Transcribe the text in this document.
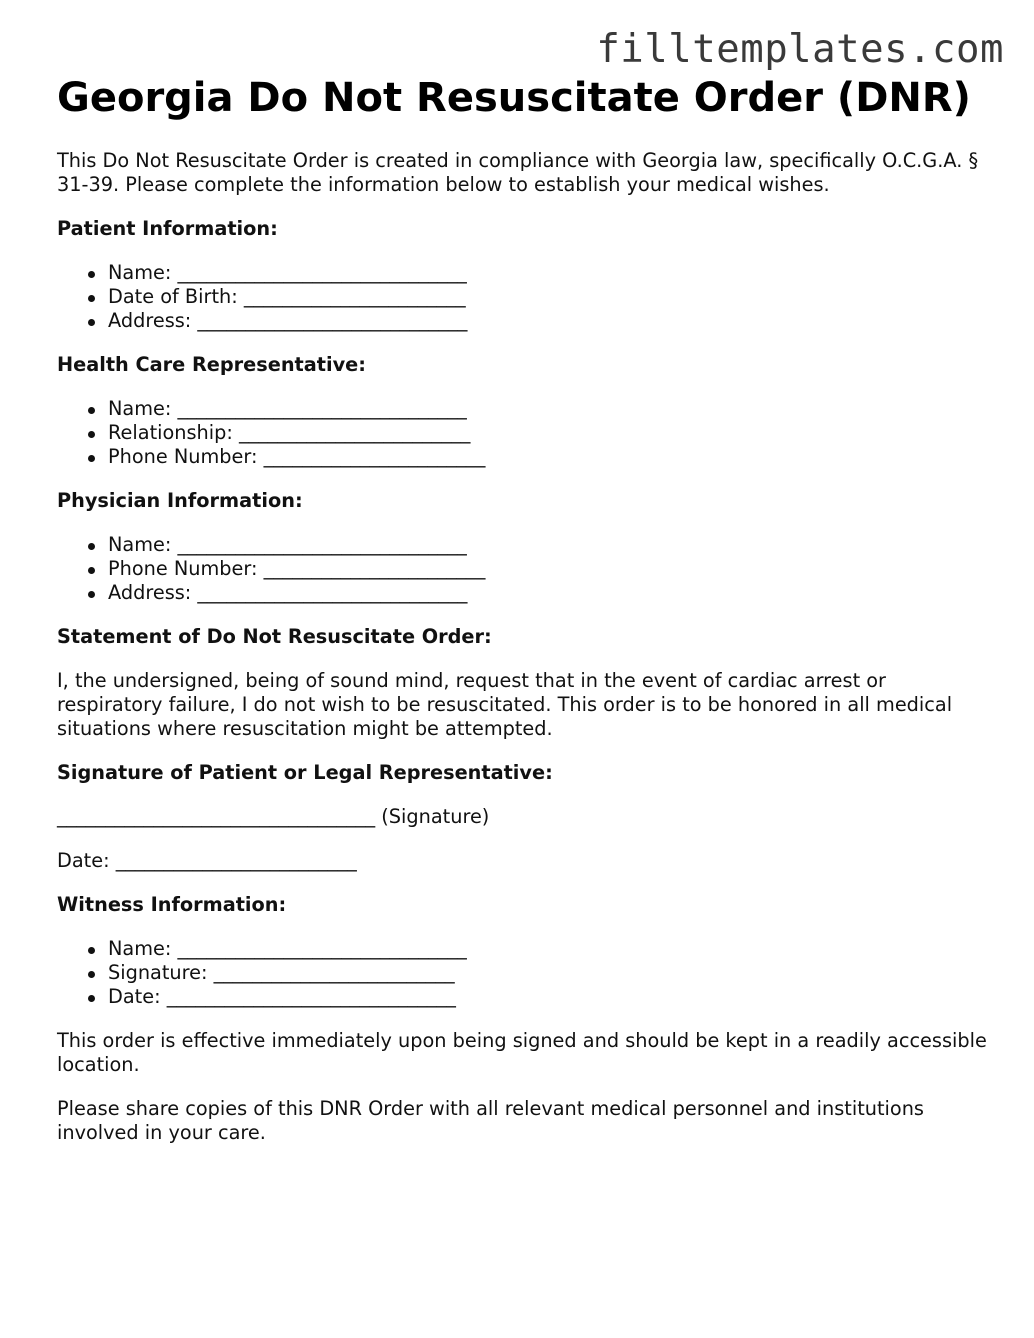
filltemplates.com
Georgia Do Not Resuscitate Order (DNR)

This Do Not Resuscitate Order is created in compliance with Georgia law, specifically O.C.G.A. § 31-39. Please complete the information below to establish your medical wishes.

Patient Information:

Name: ______________________________
Date of Birth: _______________________
Address: ____________________________

Health Care Representative:

Name: ______________________________
Relationship: ________________________
Phone Number: _______________________

Physician Information:

Name: ______________________________
Phone Number: _______________________
Address: ____________________________

Statement of Do Not Resuscitate Order:

I, the undersigned, being of sound mind, request that in the event of cardiac arrest or respiratory failure, I do not wish to be resuscitated. This order is to be honored in all medical situations where resuscitation might be attempted.

Signature of Patient or Legal Representative:

_________________________________ (Signature)

Date: _________________________

Witness Information:

Name: ______________________________
Signature: _________________________
Date: ______________________________

This order is effective immediately upon being signed and should be kept in a readily accessible location.

Please share copies of this DNR Order with all relevant medical personnel and institutions involved in your care.
